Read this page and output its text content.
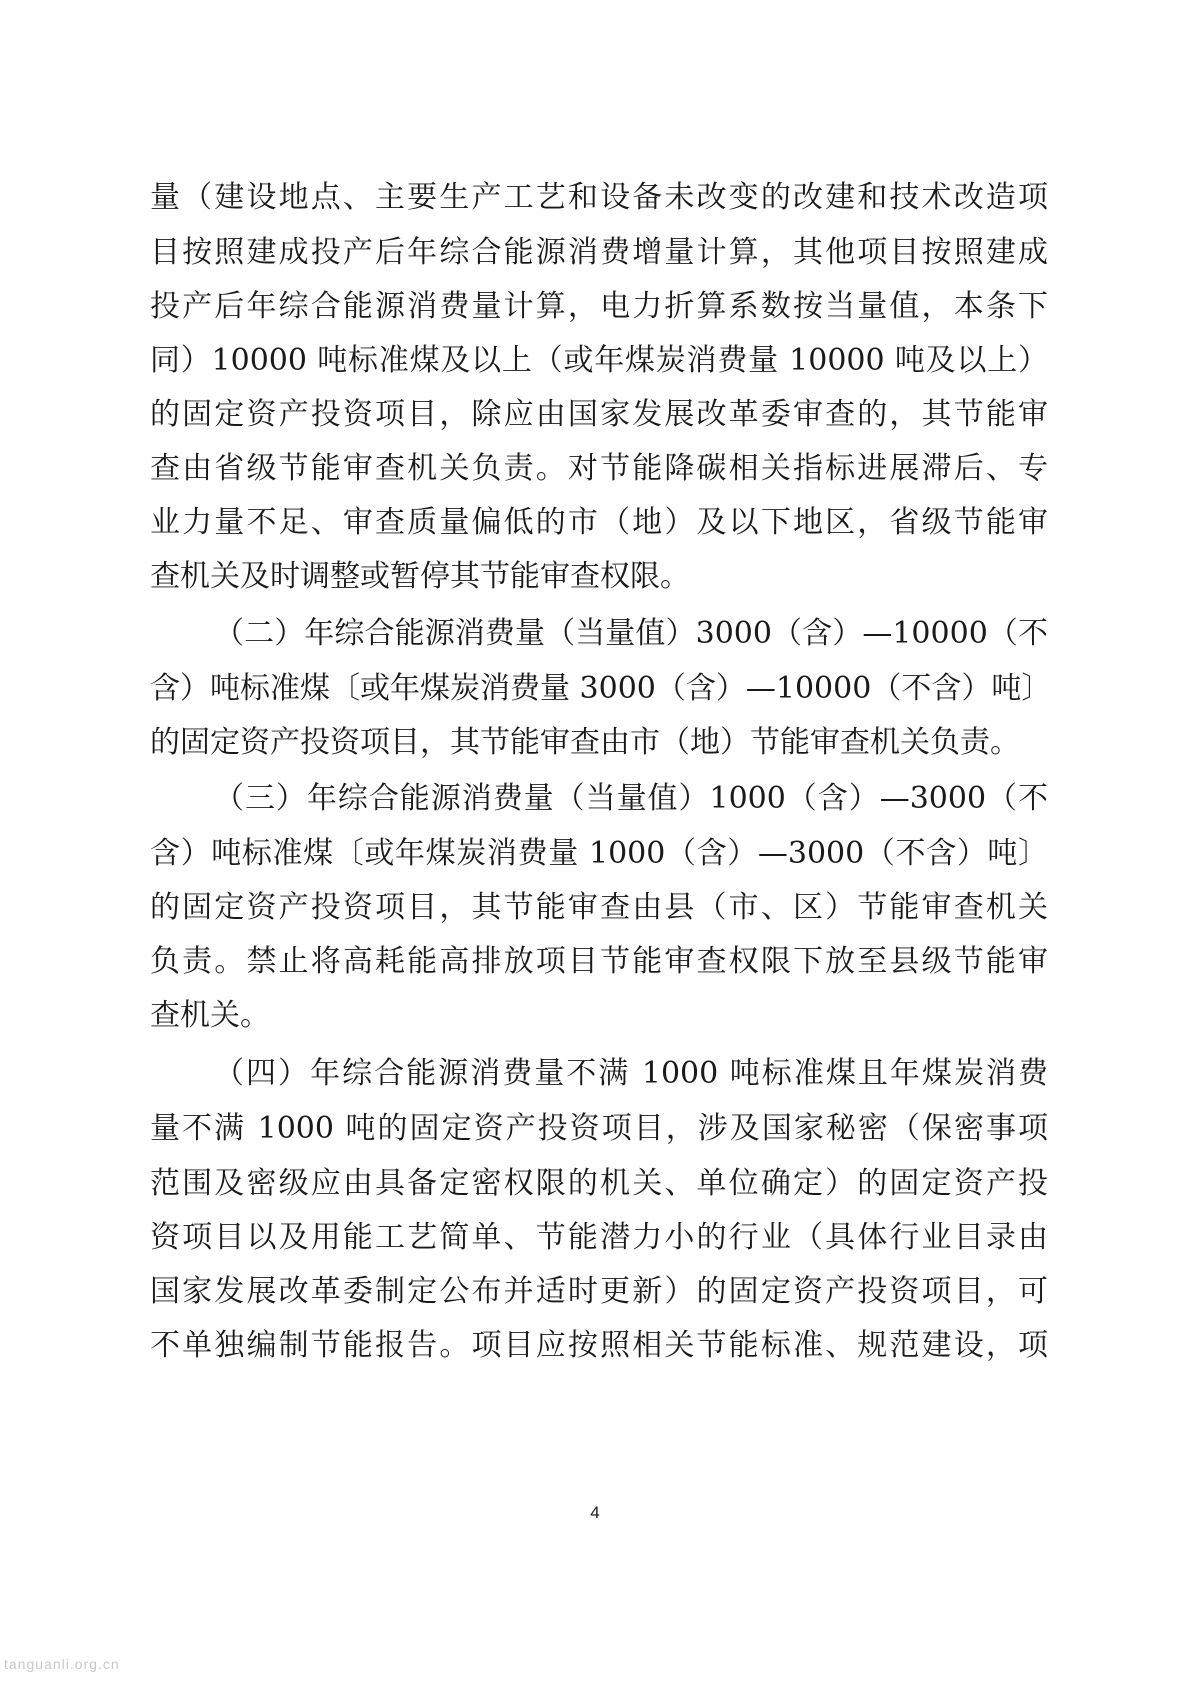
量（建设地点、主要生产工艺和设备未改变的改建和技术改造项
目按照建成投产后年综合能源消费增量计算，其他项目按照建成
投产后年综合能源消费量计算，电力折算系数按当量值，本条下
同）10000 吨标准煤及以上（或年煤炭消费量 10000 吨及以上）
的固定资产投资项目，除应由国家发展改革委审查的，其节能审
查由省级节能审查机关负责。对节能降碳相关指标进展滞后、专
业力量不足、审查质量偏低的市（地）及以下地区，省级节能审
查机关及时调整或暂停其节能审查权限。
（二）年综合能源消费量（当量值）3000（含）—10000（不
含）吨标准煤〔或年煤炭消费量 3000（含）—10000（不含）吨〕
的固定资产投资项目，其节能审查由市（地）节能审查机关负责。
（三）年综合能源消费量（当量值）1000（含）—3000（不
含）吨标准煤〔或年煤炭消费量 1000（含）—3000（不含）吨〕
的固定资产投资项目，其节能审查由县（市、区）节能审查机关
负责。禁止将高耗能高排放项目节能审查权限下放至县级节能审
查机关。
（四）年综合能源消费量不满 1000 吨标准煤且年煤炭消费
量不满 1000 吨的固定资产投资项目，涉及国家秘密（保密事项
范围及密级应由具备定密权限的机关、单位确定）的固定资产投
资项目以及用能工艺简单、节能潜力小的行业（具体行业目录由
国家发展改革委制定公布并适时更新）的固定资产投资项目，可
不单独编制节能报告。项目应按照相关节能标准、规范建设，项
4
tanguanli.org.cn
